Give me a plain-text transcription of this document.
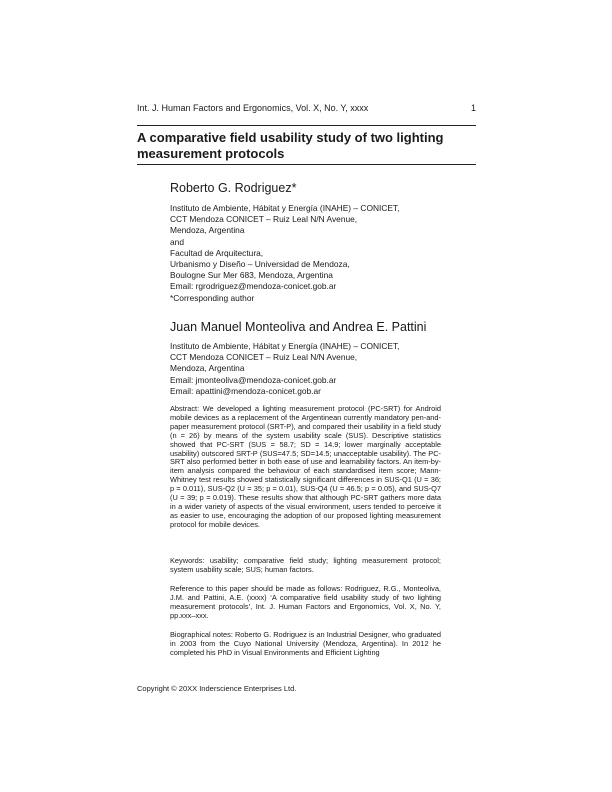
Int. J. Human Factors and Ergonomics, Vol. X, No. Y, xxxx	1
A comparative field usability study of two lighting measurement protocols
Roberto G. Rodriguez*
Instituto de Ambiente, Hábitat y Energía (INAHE) – CONICET,
CCT Mendoza CONICET – Ruiz Leal N/N Avenue,
Mendoza, Argentina
and
Facultad de Arquitectura,
Urbanismo y Diseño – Universidad de Mendoza,
Boulogne Sur Mer 683, Mendoza, Argentina
Email: rgrodriguez@mendoza-conicet.gob.ar
*Corresponding author
Juan Manuel Monteoliva and Andrea E. Pattini
Instituto de Ambiente, Hábitat y Energía (INAHE) – CONICET,
CCT Mendoza CONICET – Ruiz Leal N/N Avenue,
Mendoza, Argentina
Email: jmonteoliva@mendoza-conicet.gob.ar
Email: apattini@mendoza-conicet.gob.ar
Abstract: We developed a lighting measurement protocol (PC-SRT) for Android mobile devices as a replacement of the Argentinean currently mandatory pen-and-paper measurement protocol (SRT-P), and compared their usability in a field study (n = 26) by means of the system usability scale (SUS). Descriptive statistics showed that PC-SRT (SUS = 58.7; SD = 14.9; lower marginally acceptable usability) outscored SRT-P (SUS=47.5; SD=14.5; unacceptable usability). The PC-SRT also performed better in both ease of use and learnability factors. An item-by-item analysis compared the behaviour of each standardised item score; Mann-Whitney test results showed statistically significant differences in SUS-Q1 (U = 36; p = 0.011), SUS-Q2 (U = 35; p = 0.01), SUS-Q4 (U = 46.5; p = 0.05), and SUS-Q7 (U = 39; p = 0.019). These results show that although PC-SRT gathers more data in a wider variety of aspects of the visual environment, users tended to perceive it as easier to use, encouraging the adoption of our proposed lighting measurement protocol for mobile devices.
Keywords: usability; comparative field study; lighting measurement protocol; system usability scale; SUS; human factors.
Reference to this paper should be made as follows: Rodriguez, R.G., Monteoliva, J.M. and Pattini, A.E. (xxxx) ‘A comparative field usability study of two lighting measurement protocols’, Int. J. Human Factors and Ergonomics, Vol. X, No. Y, pp.xxx–xxx.
Biographical notes: Roberto G. Rodriguez is an Industrial Designer, who graduated in 2003 from the Cuyo National University (Mendoza, Argentina). In 2012 he completed his PhD in Visual Environments and Efficient Lighting
Copyright © 20XX Inderscience Enterprises Ltd.
